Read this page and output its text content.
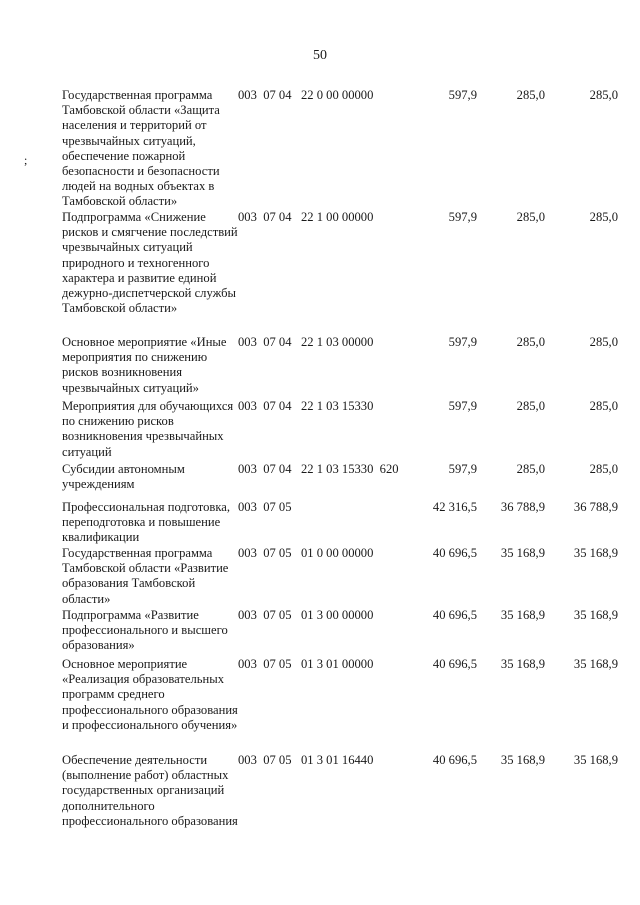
50
;
Государственная программа Тамбовской области «Защита населения и территорий от чрезвычайных ситуаций, обеспечение пожарной безопасности и безопасности людей на водных объектах в Тамбовской области»
003  07 04   22 0 00 00000	597,9	285,0	285,0
Подпрограмма «Снижение рисков и смягчение последствий чрезвычайных ситуаций природного и техногенного характера и развитие единой дежурно-диспетчерской службы Тамбовской области»
003  07 04   22 1 00 00000	597,9	285,0	285,0
Основное мероприятие «Иные мероприятия по снижению рисков возникновения чрезвычайных ситуаций»
003  07 04   22 1 03 00000	597,9	285,0	285,0
Мероприятия для обучающихся по снижению рисков возникновения чрезвычайных ситуаций
003  07 04   22 1 03 15330	597,9	285,0	285,0
Субсидии автономным учреждениям
003  07 04   22 1 03 15330  620	597,9	285,0	285,0
Профессиональная подготовка, переподготовка и повышение квалификации
003  07 05	42 316,5	36 788,9	36 788,9
Государственная программа Тамбовской области «Развитие образования Тамбовской области»
003  07 05   01 0 00 00000	40 696,5	35 168,9	35 168,9
Подпрограмма «Развитие профессионального и высшего образования»
003  07 05   01 3 00 00000	40 696,5	35 168,9	35 168,9
Основное мероприятие «Реализация образовательных программ среднего профессионального образования и профессионального обучения»
003  07 05   01 3 01 00000	40 696,5	35 168,9	35 168,9
Обеспечение деятельности (выполнение работ) областных государственных организаций дополнительного профессионального образования
003  07 05   01 3 01 16440	40 696,5	35 168,9	35 168,9
